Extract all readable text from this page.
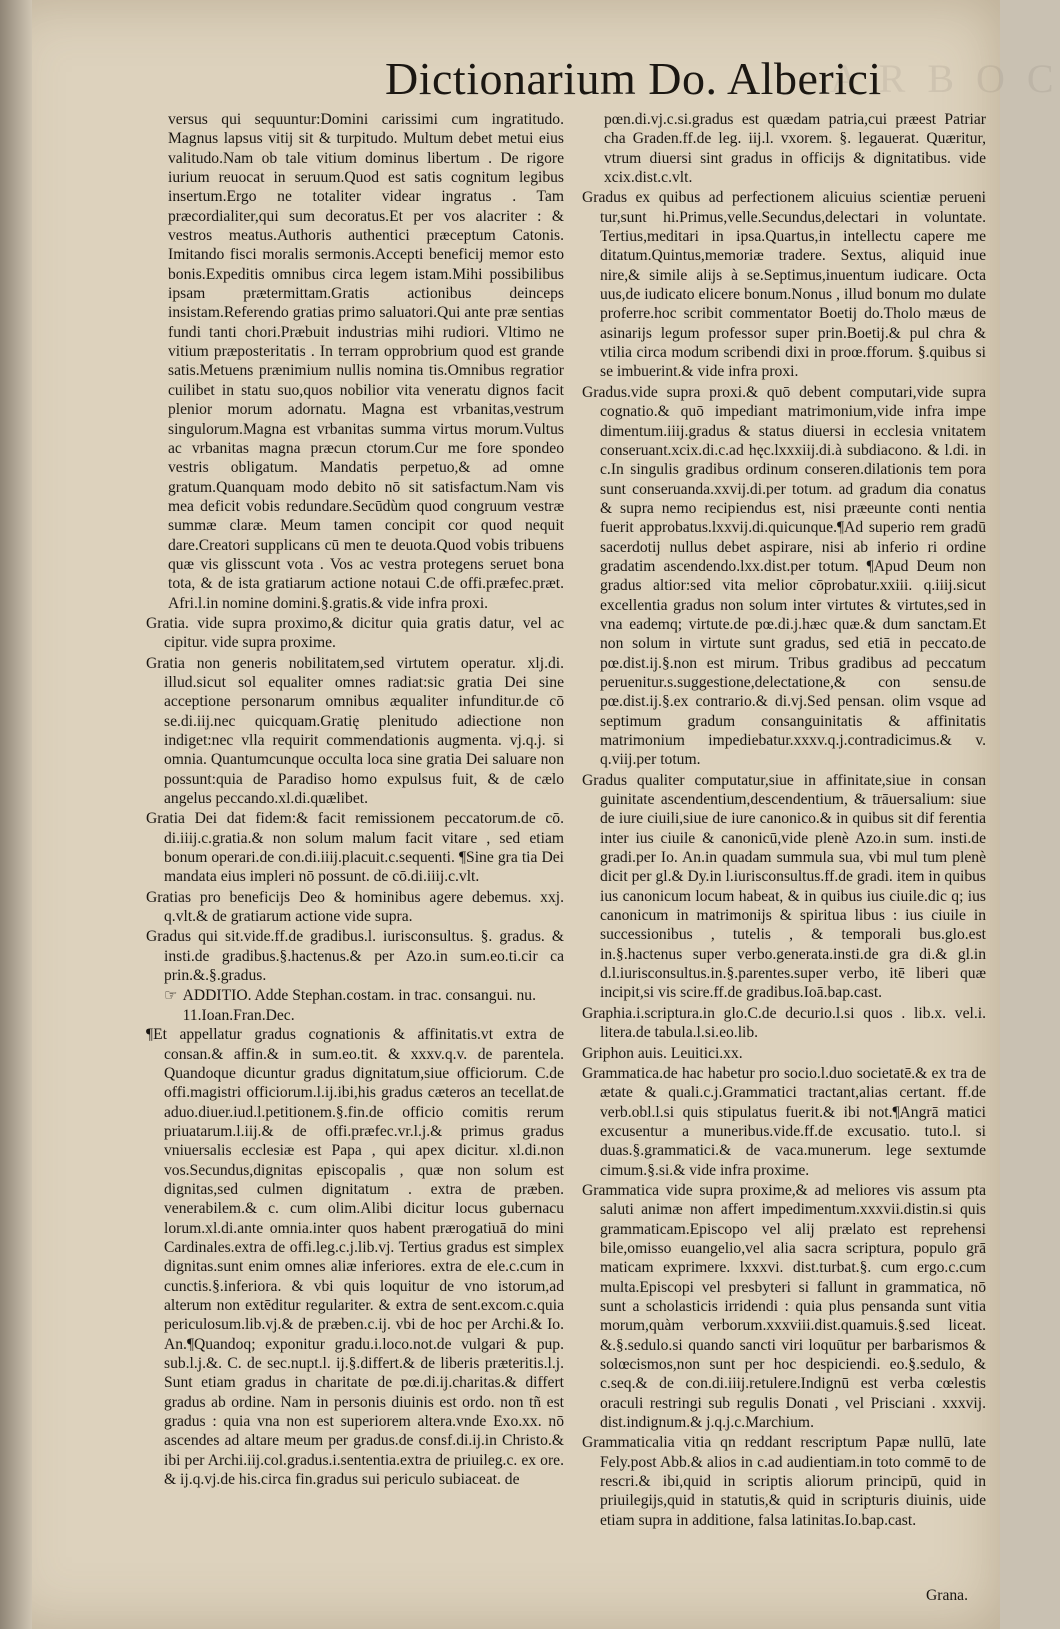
Α R B O C
Dictionarium Do. Alberici

versus qui sequuntur:Domini carissimi cum ingratitudo. Magnus lapsus vitij sit & turpitudo. Multum debet metui eius valitudo.Nam ob tale vitium dominus libertum . De rigore iurium reuocat in seruum.Quod est satis cognitum legibus insertum.Ergo ne totaliter videar ingratus . Tam præcordialiter,qui sum decoratus.Et per vos alacriter : & vestros meatus.Authoris authentici præceptum Catonis. Imitando fisci moralis sermonis.Accepti beneficij memor esto bonis.Expeditis omnibus circa legem istam.Mihi possibilibus ipsam prætermittam.Gratis actionibus deinceps insistam.Referendo gratias primo saluatori.Qui ante præ sentias fundi tanti chori.Præbuit industrias mihi rudiori. Vltimo ne vitium præposteritatis . In terram opprobrium quod est grande satis.Metuens prænimium nullis nomina tis.Omnibus regratior cuilibet in statu suo,quos nobilior vita veneratu dignos facit plenior morum adornatu. Magna est vrbanitas,vestrum singulorum.Magna est vrbanitas summa virtus morum.Vultus ac vrbanitas magna præcun ctorum.Cur me fore spondeo vestris obligatum. Mandatis perpetuo,& ad omne gratum.Quanquam modo debito nō sit satisfactum.Nam vis mea deficit vobis redundare.Secūdùm quod congruum vestræ summæ claræ. Meum tamen concipit cor quod nequit dare.Creatori supplicans cū men te deuota.Quod vobis tribuens quæ vis glisscunt vota . Vos ac vestra protegens seruet bona tota, & de ista gratiarum actione notaui C.de offi.præfec.præt. Afri.l.in nomine domini.§.gratis.& vide infra proxi.

Gratia. vide supra proximo,& dicitur quia gratis datur, vel ac cipitur. vide supra proxime.

Gratia non generis nobilitatem,sed virtutem operatur. xlj.di. illud.sicut sol equaliter omnes radiat:sic gratia Dei sine acceptione personarum omnibus æqualiter infunditur.de cō se.di.iij.nec quicquam.Gratię plenitudo adiectione non indiget:nec vlla requirit commendationis augmenta. vj.q.j. si omnia. Quantumcunque occulta loca sine gratia Dei saluare non possunt:quia de Paradiso homo expulsus fuit, & de cælo angelus peccando.xl.di.quælibet.

Gratia Dei dat fidem:& facit remissionem peccatorum.de cō. di.iiij.c.gratia.& non solum malum facit vitare , sed etiam bonum operari.de con.di.iiij.placuit.c.sequenti. ¶Sine gra tia Dei mandata eius impleri nō possunt. de cō.di.iiij.c.vlt.

Gratias pro beneficijs Deo & hominibus agere debemus. xxj. q.vlt.& de gratiarum actione vide supra.

Gradus qui sit.vide.ff.de gradibus.l. iurisconsultus. §. gradus. & insti.de gradibus.§.hactenus.& per Azo.in sum.eo.ti.cir ca prin.&.§.gradus.

☞ ADDITIO. Adde Stephan.costam. in trac. consangui. nu. 11.Ioan.Fran.Dec.

¶Et appellatur gradus cognationis & affinitatis.vt extra de consan.& affin.& in sum.eo.tit. & xxxv.q.v. de parentela. Quandoque dicuntur gradus dignitatum,siue officiorum. C.de offi.magistri officiorum.l.ij.ibi,his gradus cæteros an tecellat.de aduo.diuer.iud.l.petitionem.§.fin.de officio comitis rerum priuatarum.l.iij.& de offi.præfec.vr.l.j.& primus gradus vniuersalis ecclesiæ est Papa , qui apex dicitur. xl.di.non vos.Secundus,dignitas episcopalis , quæ non solum est dignitas,sed culmen dignitatum . extra de præben. venerabilem.& c. cum olim.Alibi dicitur locus gubernacu lorum.xl.di.ante omnia.inter quos habent prærogatiuā do mini Cardinales.extra de offi.leg.c.j.lib.vj. Tertius gradus est simplex dignitas.sunt enim omnes aliæ inferiores. extra de ele.c.cum in cunctis.§.inferiora. & vbi quis loquitur de vno istorum,ad alterum non extēditur regulariter. & extra de sent.excom.c.quia periculosum.lib.vj.& de præben.c.ij. vbi de hoc per Archi.& Io. An.¶Quandoq; exponitur gradu.i.loco.not.de vulgari & pup. sub.l.j.&. C. de sec.nupt.l. ij.§.differt.& de liberis præteritis.l.j. Sunt etiam gradus in charitate de pœ.di.ij.charitas.& differt gradus ab ordine. Nam in personis diuinis est ordo. non tñ est gradus : quia vna non est superiorem altera.vnde Exo.xx. nō ascendes ad altare meum per gradus.de consf.di.ij.in Christo.& ibi per Archi.iij.col.gradus.i.sententia.extra de priuileg.c. ex ore. & ij.q.vj.de his.circa fin.gradus sui periculo subiaceat. de

pœn.di.vj.c.si.gradus est quædam patria,cui præest Patriar cha Graden.ff.de leg. iij.l. vxorem. §. legauerat. Quæritur, vtrum diuersi sint gradus in officijs & dignitatibus. vide xcix.dist.c.vlt.

Gradus ex quibus ad perfectionem alicuius scientiæ perueni tur,sunt hi.Primus,velle.Secundus,delectari in voluntate. Tertius,meditari in ipsa.Quartus,in intellectu capere me ditatum.Quintus,memoriæ tradere. Sextus, aliquid inue nire,& simile alijs à se.Septimus,inuentum iudicare. Octa uus,de iudicato elicere bonum.Nonus , illud bonum mo dulate proferre.hoc scribit commentator Boetij do.Tholo mæus de asinarijs legum professor super prin.Boetij.& pul chra & vtilia circa modum scribendi dixi in proœ.fforum. §.quibus si se imbuerint.& vide infra proxi.

Gradus.vide supra proxi.& quō debent computari,vide supra cognatio.& quō impediant matrimonium,vide infra impe dimentum.iiij.gradus & status diuersi in ecclesia vnitatem conseruant.xcix.di.c.ad hęc.lxxxiij.di.à subdiacono. & l.di. in c.In singulis gradibus ordinum conseren.dilationis tem pora sunt conseruanda.xxvij.di.per totum. ad gradum dia conatus & supra nemo recipiendus est, nisi præeunte conti nentia fuerit approbatus.lxxvij.di.quicunque.¶Ad superio rem gradū sacerdotij nullus debet aspirare, nisi ab inferio ri ordine gradatim ascendendo.lxx.dist.per totum. ¶Apud Deum non gradus altior:sed vita melior cōprobatur.xxiii. q.iiij.sicut excellentia gradus non solum inter virtutes & virtutes,sed in vna eademq; virtute.de pœ.di.j.hæc quæ.& dum sanctam.Et non solum in virtute sunt gradus, sed etiā in peccato.de pœ.dist.ij.§.non est mirum. Tribus gradibus ad peccatum peruenitur.s.suggestione,delectatione,& con sensu.de pœ.dist.ij.§.ex contrario.& di.vj.Sed pensan. olim vsque ad septimum gradum consanguinitatis & affinitatis matrimonium impediebatur.xxxv.q.j.contradicimus.& v. q.viij.per totum.

Gradus qualiter computatur,siue in affinitate,siue in consan guinitate ascendentium,descendentium, & trāuersalium: siue de iure ciuili,siue de iure canonico.& in quibus sit dif ferentia inter ius ciuile & canonicū,vide plenè Azo.in sum. insti.de gradi.per Io. An.in quadam summula sua, vbi mul tum plenè dicit per gl.& Dy.in l.iurisconsultus.ff.de gradi. item in quibus ius canonicum locum habeat, & in quibus ius ciuile.dic q; ius canonicum in matrimonijs & spiritua libus : ius ciuile in successionibus , tutelis , & temporali bus.glo.est in.§.hactenus super verbo.generata.insti.de gra di.& gl.in d.l.iurisconsultus.in.§.parentes.super verbo, itē liberi quæ incipit,si vis scire.ff.de gradibus.Ioā.bap.cast.

Graphia.i.scriptura.in glo.C.de decurio.l.si quos . lib.x. vel.i. litera.de tabula.l.si.eo.lib.

Griphon auis. Leuitici.xx.

Grammatica.de hac habetur pro socio.l.duo societatē.& ex tra de ætate & quali.c.j.Grammatici tractant,alias certant. ff.de verb.obl.l.si quis stipulatus fuerit.& ibi not.¶Angrā matici excusentur a muneribus.vide.ff.de excusatio. tuto.l. si duas.§.grammatici.& de vaca.munerum. lege sextumde cimum.§.si.& vide infra proxime.

Grammatica vide supra proxime,& ad meliores vis assum pta saluti animæ non affert impedimentum.xxxvii.distin.si quis grammaticam.Episcopo vel alij prælato est reprehensi bile,omisso euangelio,vel alia sacra scriptura, populo grā maticam exprimere. lxxxvi. dist.turbat.§. cum ergo.c.cum multa.Episcopi vel presbyteri si fallunt in grammatica, nō sunt a scholasticis irridendi : quia plus pensanda sunt vitia morum,quàm verborum.xxxviii.dist.quamuis.§.sed liceat. &.§.sedulo.si quando sancti viri loquūtur per barbarismos & solœcismos,non sunt per hoc despiciendi. eo.§.sedulo, & c.seq.& de con.di.iiij.retulere.Indignū est verba cœlestis oraculi restringi sub regulis Donati , vel Prisciani . xxxvij. dist.indignum.& j.q.j.c.Marchium.

Grammaticalia vitia qn reddant rescriptum Papæ nullū, late Fely.post Abb.& alios in c.ad audientiam.in toto commē to de rescri.& ibi,quid in scriptis aliorum principū, quid in priuilegijs,quid in statutis,& quid in scripturis diuinis, uide etiam supra in additione, falsa latinitas.Io.bap.cast.

Grana.
